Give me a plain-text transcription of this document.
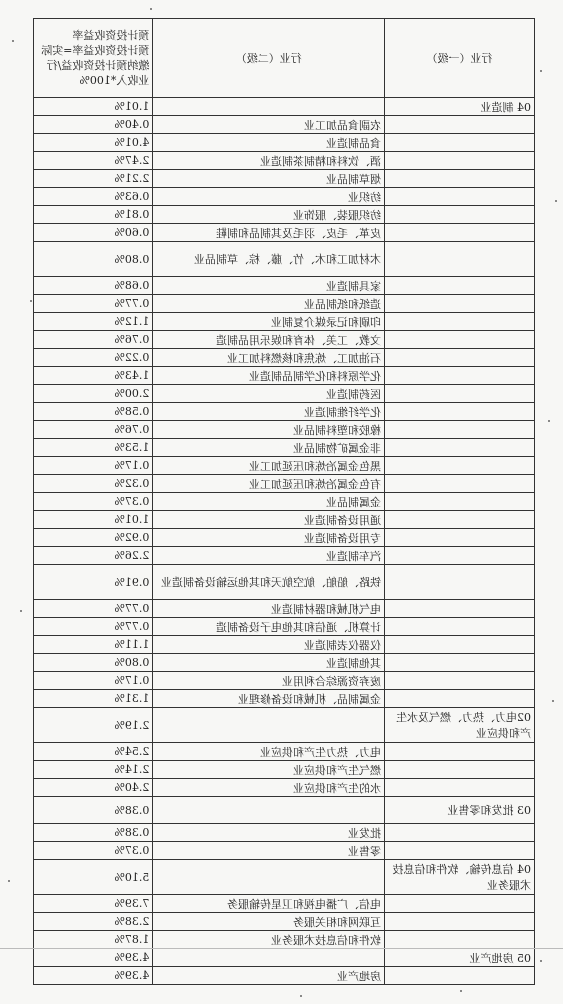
行业（一级）	行业（二级）	预计投资收益率
预计投资收益率=实际
缴纳预计投资收益/行
业收入*100%

04 制造业		1.01%
	农副食品加工业	0.40%
	食品制造业	4.01%
	酒、饮料和精制茶制造业	2.47%
	烟草制品业	2.21%
	纺织业	0.63%
	纺织服装、服饰业	0.81%
	皮革、毛皮、羽毛及其制品和制鞋	0.60%
	木材加工和木、竹、藤、棕、草制品业	0.80%
	家具制造业	0.68%
	造纸和纸制品业	0.77%
	印刷和记录媒介复制业	1.12%
	文教、工美、体育和娱乐用品制造	0.76%
	石油加工、炼焦和核燃料加工业	0.22%
	化学原料和化学制品制造业	1.43%
	医药制造业	2.00%
	化学纤维制造业	0.58%
	橡胶和塑料制品业	0.76%
	非金属矿物制品业	1.53%
	黑色金属冶炼和压延加工业	0.17%
	有色金属冶炼和压延加工业	0.32%
	金属制品业	0.37%
	通用设备制造业	1.01%
	专用设备制造业	0.92%
	汽车制造业	2.26%
	铁路、船舶、航空航天和其他运输设备制造业	0.91%
	电气机械和器材制造业	0.77%
	计算机、通信和其他电子设备制造	0.77%
	仪器仪表制造业	1.11%
	其他制造业	0.80%
	废弃资源综合利用业	0.17%
	金属制品、机械和设备修理业	1.31%
02电力、热力、燃气及水生产和供应业		2.19%
	电力、热力生产和供应业	2.54%
	燃气生产和供应业	2.14%
	水的生产和供应业	2.40%
03 批发和零售业		0.38%
	批发业	0.38%
	零售业	0.37%
04 信息传输、软件和信息技术服务业		5.10%
	电信、广播电视和卫星传输服务	7.39%
	互联网和相关服务	2.38%
	软件和信息技术服务业	1.87%
05 房地产业		4.39%
	房地产业	4.39%
